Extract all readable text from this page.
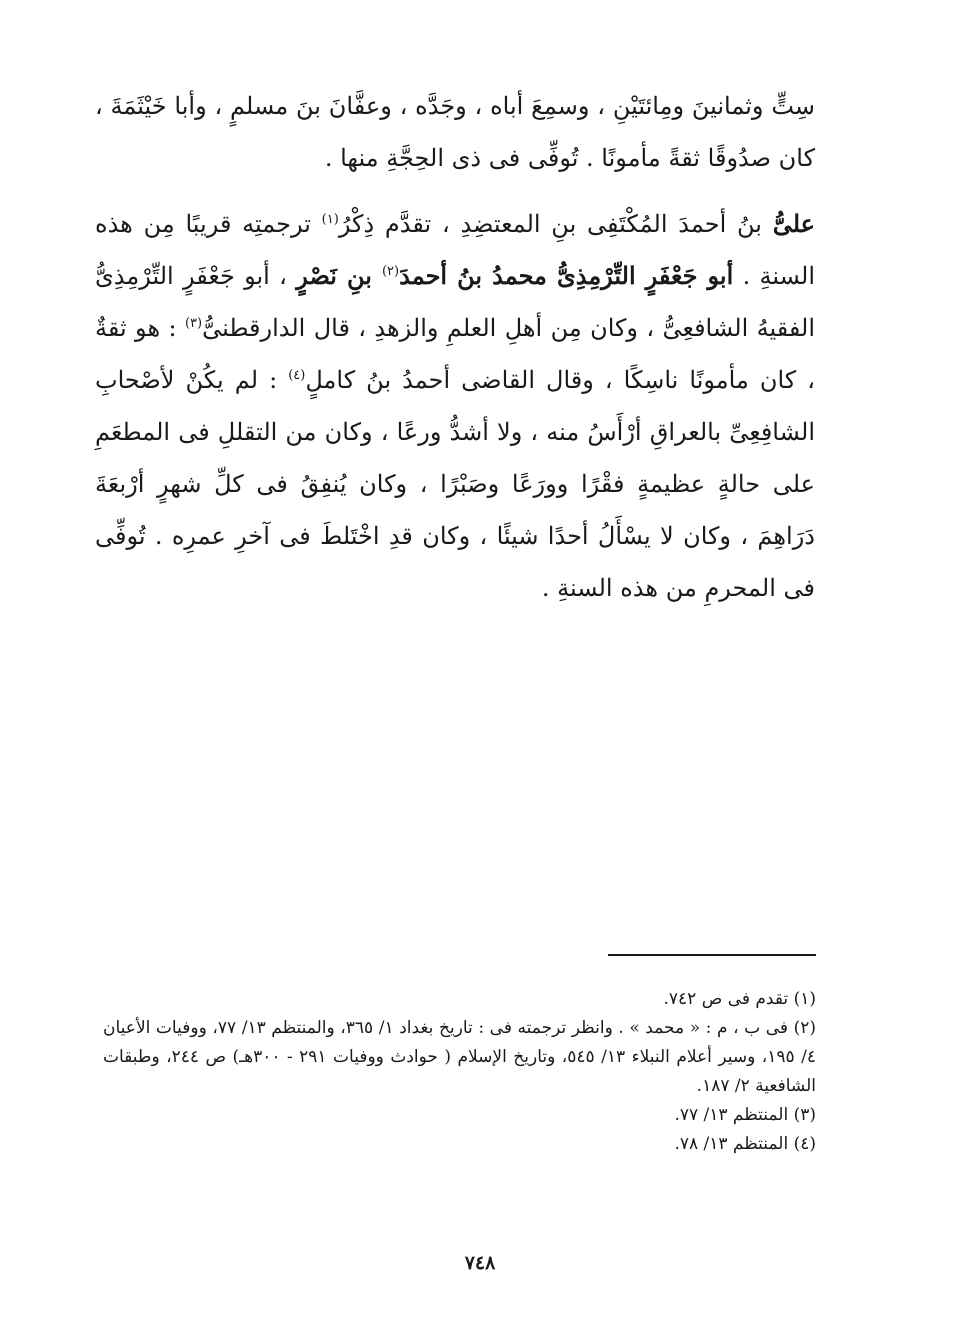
سِتٍّ وثمانينَ ومِائتَيْنِ ، وسمِعَ أباه ، وجَدَّه ، وعفَّانَ بنَ مسلمٍ ، وأبا خَيْثَمَةَ ، كان صدُوقًا ثقةً مأمونًا . تُوفِّى فى ذى الحِجَّةِ منها .

علىُّ بنُ أحمدَ المُكْتَفِى بنِ المعتضِدِ ، تقدَّم ذِكْرُ$^{(١)}$ ترجمتِه قريبًا مِن هذه السنةِ . أبو جَعْفَرٍ التِّرْمِذِىُّ محمدُ بنُ أحمدَ$^{(٢)}$ بنِ نَصْرٍ ، أبو جَعْفَرٍ التِّرْمِذِىُّ الفقيهُ الشافعِىُّ ، وكان مِن أهلِ العلمِ والزهدِ ، قال الدارقطنىُّ$^{(٣)}$ : هو ثقةٌ ، كان مأمونًا ناسِكًا ، وقال القاضى أحمدُ بنُ كاملٍ$^{(٤)}$ : لم يكُنْ لأصْحابِ الشافِعِىِّ بالعراقِ أرْأَسُ منه ، ولا أشدُّ ورعًا ، وكان من التقللِ فى المطعَمِ على حالةٍ عظيمةٍ فقْرًا وورَعًا وصَبْرًا ، وكان يُنفِقُ فى كلِّ شهرٍ أرْبعَةَ دَرَاهِمَ ، وكان لا يسْأَلُ أحدًا شيئًا ، وكان قدِ اخْتَلطَ فى آخرِ عمرِه . تُوفِّى فى المحرمِ من هذه السنةِ .

(١) تقدم فى ص ٧٤٢.

(٢) فى ب ، م : « محمد » . وانظر ترجمته فى : تاريخ بغداد ١/ ٣٦٥، والمنتظم ١٣/ ٧٧، ووفيات الأعيان ٤/ ١٩٥، وسير أعلام النبلاء ١٣/ ٥٤٥، وتاريخ الإسلام ( حوادث ووفيات ٢٩١ - ٣٠٠هـ) ص ٢٤٤، وطبقات الشافعية ٢/ ١٨٧.

(٣) المنتظم ١٣/ ٧٧.

(٤) المنتظم ١٣/ ٧٨.

٧٤٨
